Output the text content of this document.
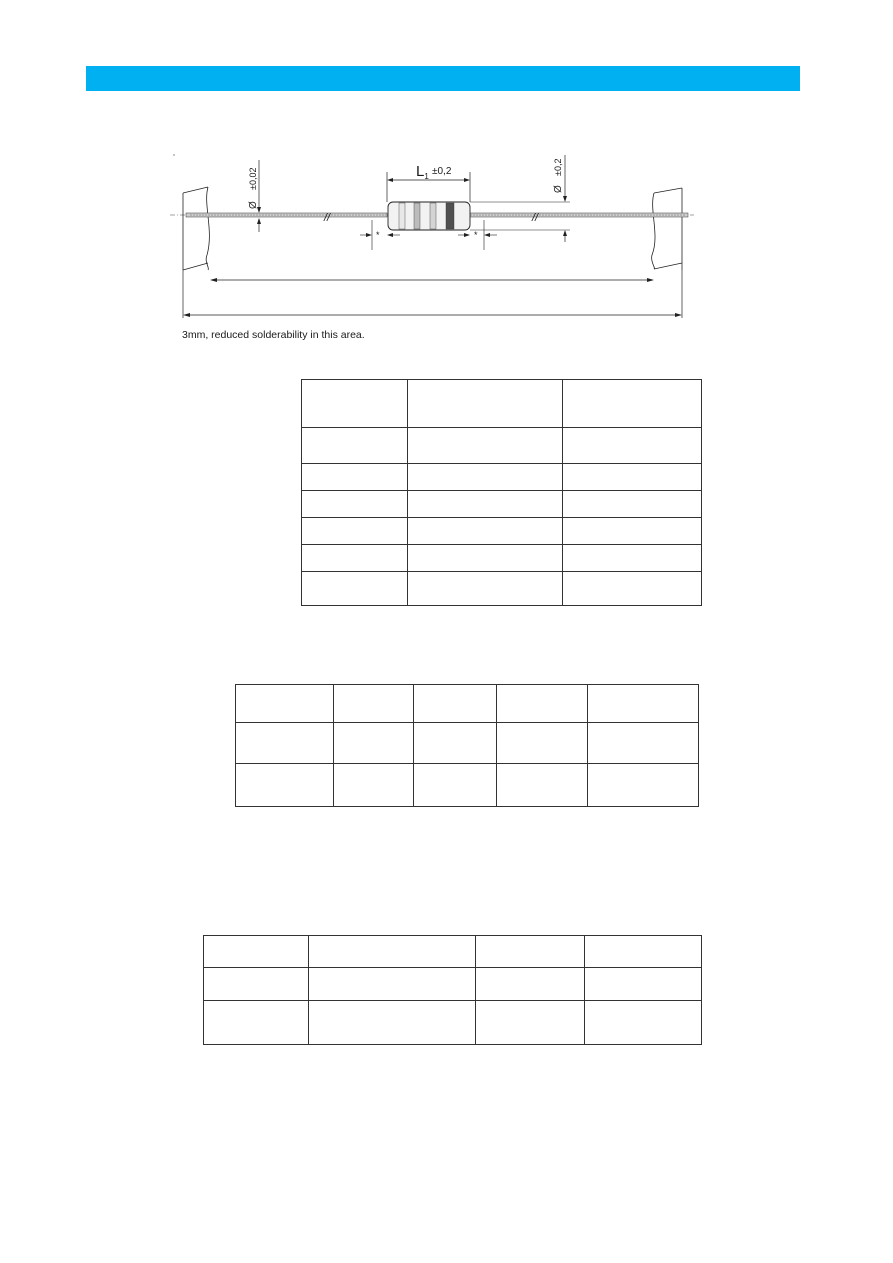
//	//
$L_1 \pm 0,2$
Ø
±0,02	Ø
±0,2
*	*
3mm, reduced solderability in this area.
